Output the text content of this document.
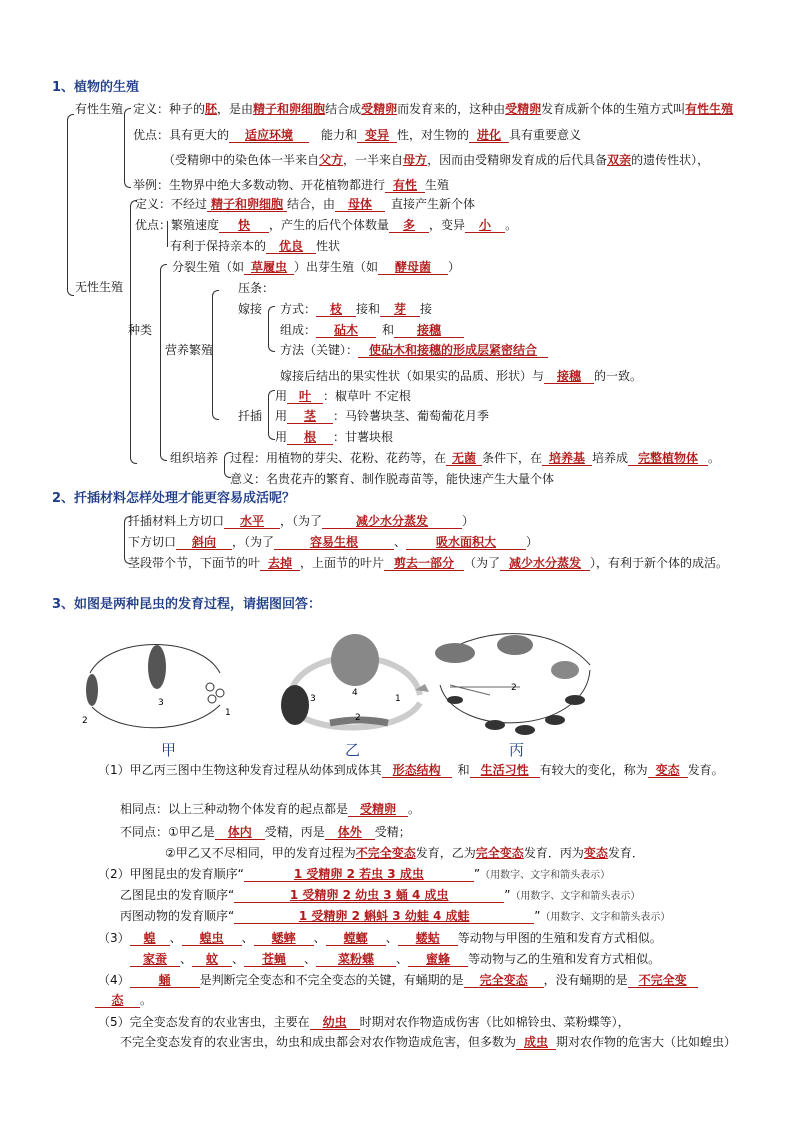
1、植物的生殖
有性生殖 定义：种子的胚，是由精子和卵细胞结合成受精卵而发育来的，这种由受精卵发育成新个体的生殖方式叫有性生殖
优点：具有更大的 适应环境 能力和 变异 性，对生物的 进化 具有重要意义
（受精卵中的染色体一半来自父方，一半来自母方，因而由受精卵发育成的后代具备双亲的遗传性状），
举例：生物界中绝大多数动物、开花植物都进行 有性 生殖
无性生殖
定义：不经过 精子和卵细胞 结合，由 母体 直接产生新个体
优点：繁殖速度 快 ，产生的后代个体数量 多 ，变异 小 。
有利于保持亲本的 优良 性状
种类
分裂生殖（如 草履虫 ）出芽生殖（如 酵母菌 ）
营养繁殖
压条：
嫁接 方式： 枝 接和 芽 接
组成： 砧木 和 接穗
方法（关键）： 使砧木和接穗的形成层紧密结合
嫁接后结出的果实性状（如果实的品质、形状）与 接穗 的一致。
扦插
用 叶 ：椒草叶 不定根
用 茎 ：马铃薯块茎、葡萄葡花月季
用 根 ：甘薯块根
组织培养 过程：用植物的芽尖、花粉、花药等，在 无菌 条件下，在 培养基 培养成 完整植物体 。
意义：名贵花卉的繁育、制作脱毒苗等，能快速产生大量个体
2、扦插材料怎样处理才能更容易成活呢？
扦插材料上方切口 水平 ，（为了	减少水分蒸发	）
下方切口 斜向 ，（为了	容易生根	、 吸水面积大	）
茎段带个节，下面节的叶 去掉 ，上面节的叶片 剪去一部分 （为了 减少水分蒸发 ），有利于新个体的成活。
3、如图是两种昆虫的发育过程，请据图回答：
2
3
1
甲
3
4
2
1
乙
2
丙
（1）甲乙丙三图中生物这种发育过程从幼体到成体其 形态结构 和 生活习性 有较大的变化，称为 变态 发育。
相同点：以上三种动物个体发育的起点都是 受精卵 。
不同点：①甲乙是 体内 受精，丙是 体外 受精；
②甲乙又不尽相同，甲的发育过程为不完全变态发育，乙为完全变态发育．丙为变态发育．
（2）甲图昆虫的发育顺序“	1 受精卵 2 若虫 3 成虫	”（用数字、文字和箭头表示）
乙图昆虫的发育顺序“	1 受精卵 2 幼虫 3 蛹 4 成虫	”（用数字、文字和箭头表示）
丙图动物的发育顺序“	1 受精卵 2 蝌蚪 3 幼蛙 4 成蛙	”（用数字、文字和箭头表示）
（3） 蝗 、 蝗虫 、 蟋蟀 、 螳螂 、 蝼蛄 等动物与甲图的生殖和发育方式相似。
家蚕 、 蚊 、 苍蝇 、 菜粉蝶 、 蜜蜂 等动物与乙的生殖和发育方式相似。
（4） 蛹 是判断完全变态和不完全变态的关键，有蛹期的是 完全变态 ，没有蛹期的是 不完全变
态 。
（5）完全变态发育的农业害虫，主要在 幼虫 时期对农作物造成伤害（比如棉铃虫、菜粉蝶等），
不完全变态发育的农业害虫，幼虫和成虫都会对农作物造成危害，但多数为 成虫 期对农作物的危害大（比如蝗虫）
